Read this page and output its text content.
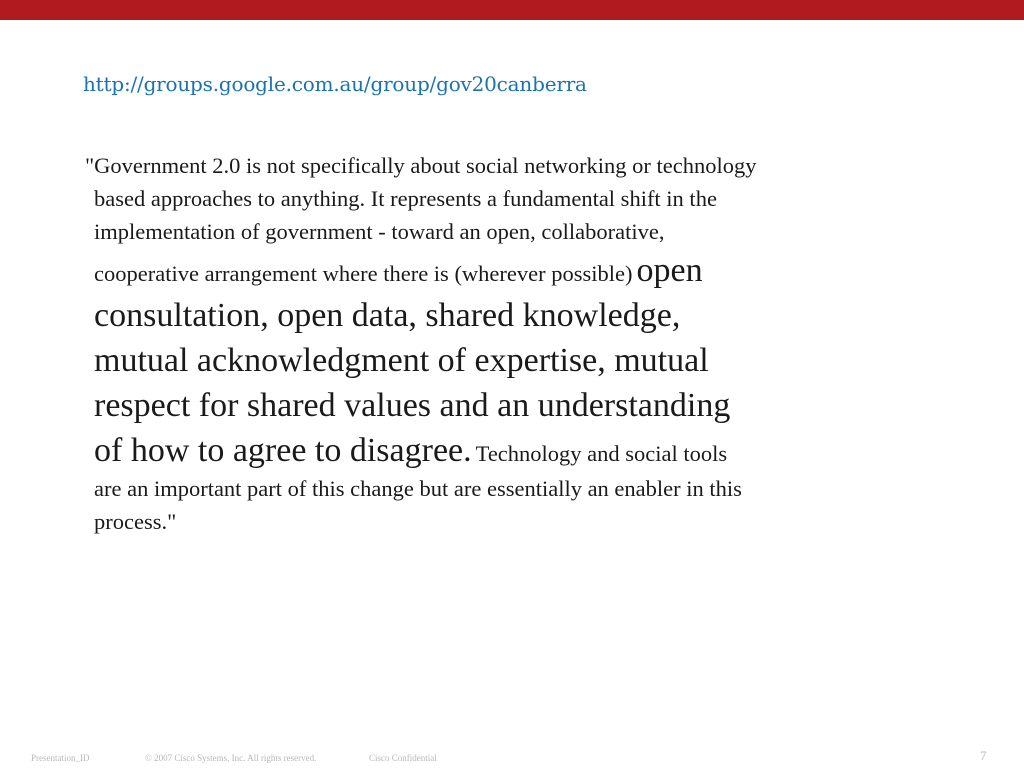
http://groups.google.com.au/group/gov20canberra
"Government 2.0 is not specifically about social networking or technology based approaches to anything. It represents a fundamental shift in the implementation of government - toward an open, collaborative, cooperative arrangement where there is (wherever possible) open consultation, open data, shared knowledge, mutual acknowledgment of expertise, mutual respect for shared values and an understanding of how to agree to disagree. Technology and social tools are an important part of this change but are essentially an enabler in this process."
Presentation_ID	© 2007 Cisco Systems, Inc. All rights reserved.	Cisco Confidential	7
